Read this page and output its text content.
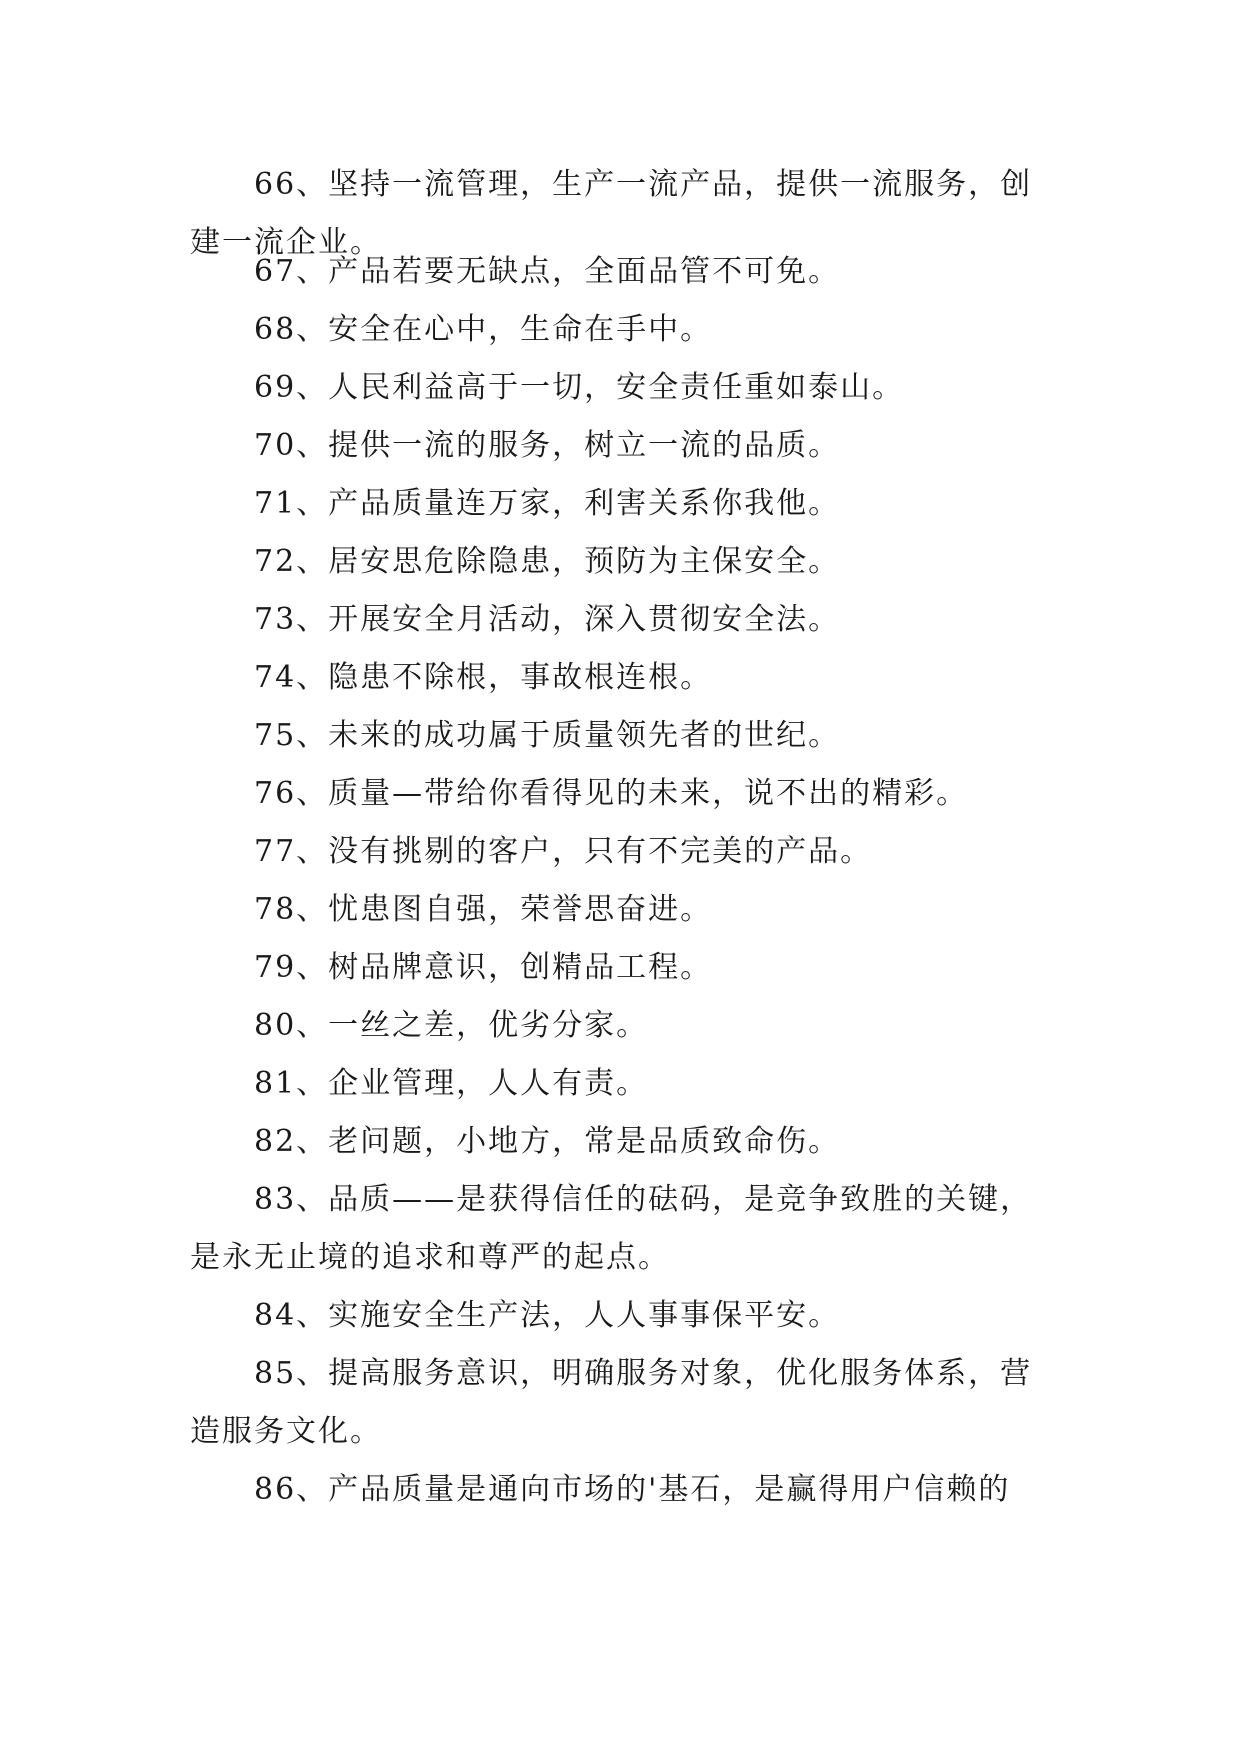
66、坚持一流管理，生产一流产品，提供一流服务，创建一流企业。

67、产品若要无缺点，全面品管不可免。

68、安全在心中，生命在手中。

69、人民利益高于一切，安全责任重如泰山。

70、提供一流的服务，树立一流的品质。

71、产品质量连万家，利害关系你我他。

72、居安思危除隐患，预防为主保安全。

73、开展安全月活动，深入贯彻安全法。

74、隐患不除根，事故根连根。

75、未来的成功属于质量领先者的世纪。

76、质量—带给你看得见的未来，说不出的精彩。

77、没有挑剔的客户，只有不完美的产品。

78、忧患图自强，荣誉思奋进。

79、树品牌意识，创精品工程。

80、一丝之差，优劣分家。

81、企业管理，人人有责。

82、老问题，小地方，常是品质致命伤。

83、品质——是获得信任的砝码，是竞争致胜的关键，是永无止境的追求和尊严的起点。

84、实施安全生产法，人人事事保平安。

85、提高服务意识，明确服务对象，优化服务体系，营造服务文化。

86、产品质量是通向市场的'基石，是赢得用户信赖的
